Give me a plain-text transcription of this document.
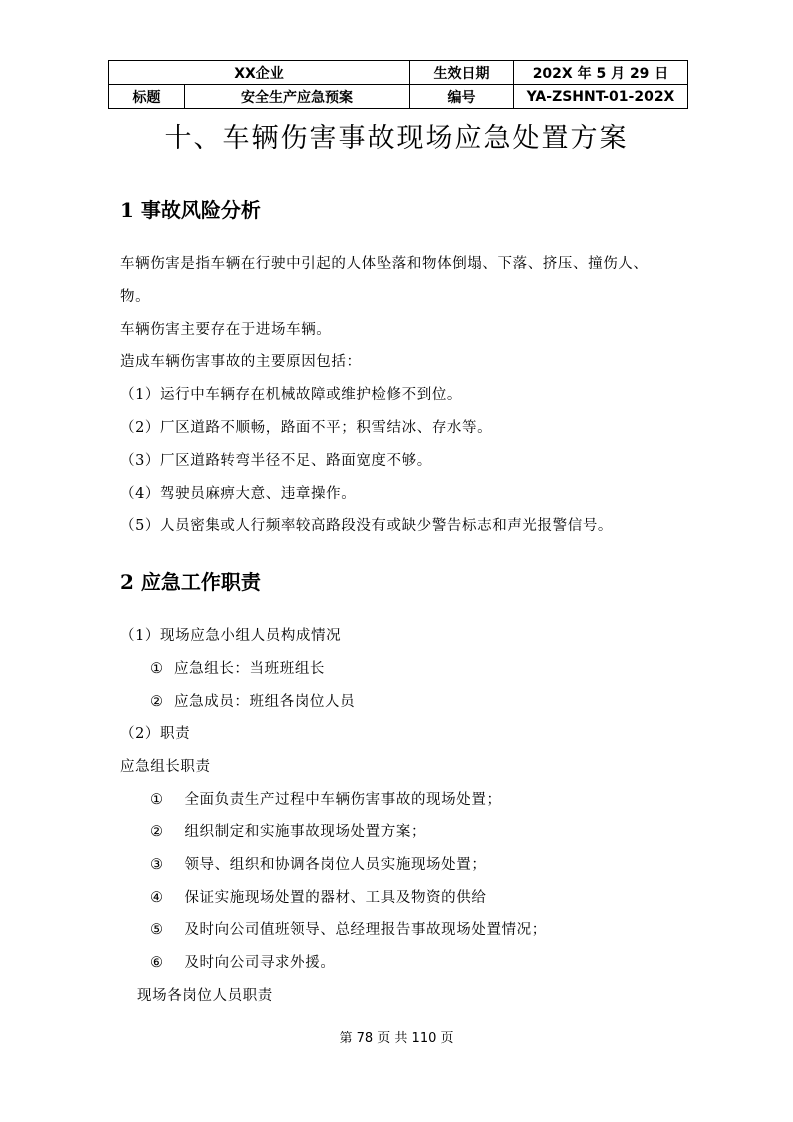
XX企业		生效日期	202X 年 5 月 29 日
标题	安全生产应急预案	编号	YA-ZSHNT-01-202X
十、车辆伤害事故现场应急处置方案
1 事故风险分析

车辆伤害是指车辆在行驶中引起的人体坠落和物体倒塌、下落、挤压、撞伤人、

物。

车辆伤害主要存在于进场车辆。

造成车辆伤害事故的主要原因包括：

（1）运行中车辆存在机械故障或维护检修不到位。

（2）厂区道路不顺畅，路面不平；积雪结冰、存水等。

（3）厂区道路转弯半径不足、路面宽度不够。

（4）驾驶员麻痹大意、违章操作。

（5）人员密集或人行频率较高路段没有或缺少警告标志和声光报警信号。

2 应急工作职责

（1）现场应急小组人员构成情况

① 应急组长：当班班组长

② 应急成员：班组各岗位人员

（2）职责

应急组长职责

① 全面负责生产过程中车辆伤害事故的现场处置；

② 组织制定和实施事故现场处置方案；

③ 领导、组织和协调各岗位人员实施现场处置；

④ 保证实施现场处置的器材、工具及物资的供给

⑤ 及时向公司值班领导、总经理报告事故现场处置情况；

⑥ 及时向公司寻求外援。

现场各岗位人员职责

第 78 页 共 110 页
